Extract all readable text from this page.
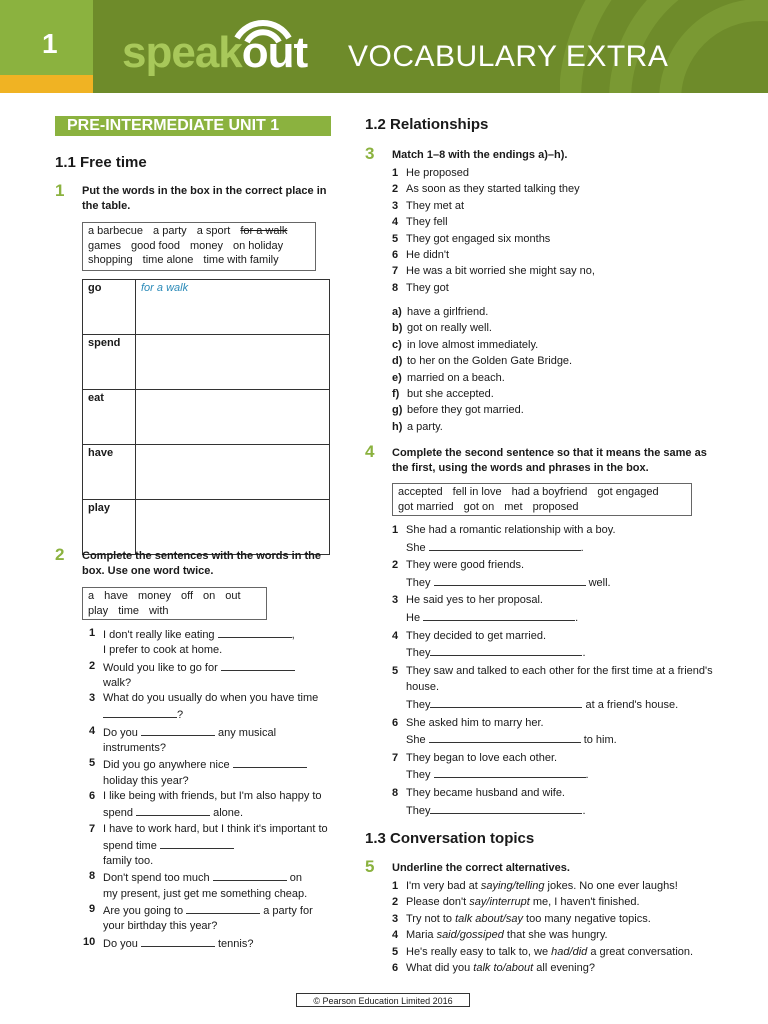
1 speakout VOCABULARY EXTRA
PRE-INTERMEDIATE UNIT 1
1.1 Free time
1 Put the words in the box in the correct place in the table.
a barbecue a party a sport for a walk
games good food money on holiday
shopping time alone time with family
go	for a walk
spend	
eat	
have	
play	
2 Complete the sentences with the words in the box. Use one word twice.
a have money off on out
play time with
1 I don't really like eating	,
I prefer to cook at home.
2 Would you like to go for
walk?
3 What do you usually do when you have time ?
4 Do you	any musical
instruments?
5 Did you go anywhere nice
holiday this year?
6 I like being with friends, but I'm also happy to spend	alone.
7 I have to work hard, but I think it's important to spend time
family too.
8 Don't spend too much	on
my present, just get me something cheap.
9 Are you going to	a party for
your birthday this year?
10 Do you	tennis?
1.2 Relationships
3 Match 1–8 with the endings a)–h).
1 He proposed
2 As soon as they started talking they
3 They met at
4 They fell
5 They got engaged six months
6 He didn't
7 He was a bit worried she might say no,
8 They got
a) have a girlfriend.
b) got on really well.
c) in love almost immediately.
d) to her on the Golden Gate Bridge.
e) married on a beach.
f) but she accepted.
g) before they got married.
h) a party.
4 Complete the second sentence so that it means the same as the first, using the words and phrases in the box.
accepted fell in love had a boyfriend got engaged
got married got on met proposed
1 She had a romantic relationship with a boy.
She	.
2 They were good friends.
They	well.
3 He said yes to her proposal.
He	.
4 They decided to get married.
They	.
5 They saw and talked to each other for the first time at a friend's house.
They	at a friend's house.
6 She asked him to marry her.
She	to him.
7 They began to love each other.
They	.
8 They became husband and wife.
They	.
1.3 Conversation topics
5 Underline the correct alternatives.
1 I'm very bad at saying/telling jokes. No one ever laughs!
2 Please don't say/interrupt me, I haven't finished.
3 Try not to talk about/say too many negative topics.
4 Maria said/gossiped that she was hungry.
5 He's really easy to talk to, we had/did a great conversation.
6 What did you talk to/about all evening?
© Pearson Education Limited 2016
